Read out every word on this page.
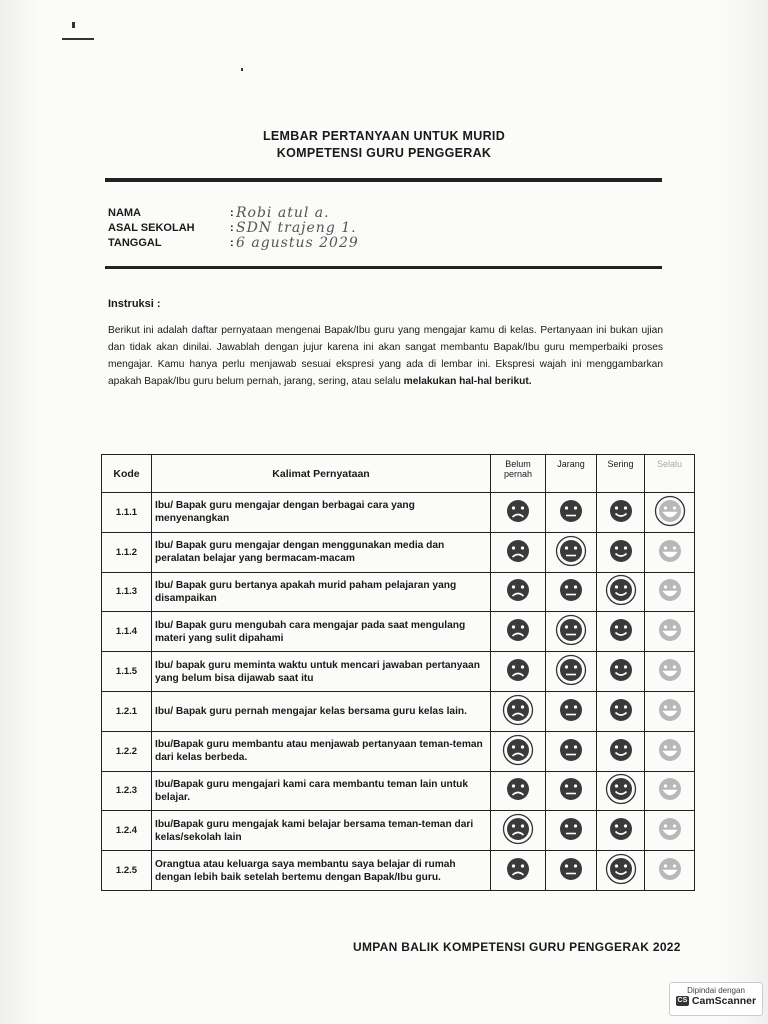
LEMBAR PERTANYAAN UNTUK MURID
KOMPETENSI GURU PENGGERAK
NAMA	: Robi atul a.
ASAL SEKOLAH	: SDN trajeng 1.
TANGGAL	: 6 agustus 2029
Instruksi :
Berikut ini adalah daftar pernyataan mengenai Bapak/Ibu guru yang mengajar kamu di kelas. Pertanyaan ini bukan ujian dan tidak akan dinilai. Jawablah dengan jujur karena ini akan sangat membantu Bapak/Ibu guru memperbaiki proses mengajar. Kamu hanya perlu menjawab sesuai ekspresi yang ada di lembar ini. Ekspresi wajah ini menggambarkan apakah Bapak/Ibu guru belum pernah, jarang, sering, atau selalu melakukan hal-hal berikut.
Kode	Kalimat Pernyataan	Belum pernah	Jarang	Sering	Selalu
1.1.1	Ibu/ Bapak guru mengajar dengan berbagai cara yang menyenangkan	

1.1.2	Ibu/ Bapak guru mengajar dengan menggunakan media dan peralatan belajar yang bermacam-macam	

1.1.3	Ibu/ Bapak guru bertanya apakah murid paham pelajaran yang disampaikan	

1.1.4	Ibu/ Bapak guru mengubah cara mengajar pada saat mengulang materi yang sulit dipahami	

1.1.5	Ibu/ bapak guru meminta waktu untuk mencari jawaban pertanyaan yang belum bisa dijawab saat itu	

1.2.1	Ibu/ Bapak guru pernah mengajar kelas bersama guru kelas lain.	

1.2.2	Ibu/Bapak guru membantu atau menjawab pertanyaan teman-teman dari kelas berbeda.	

1.2.3	Ibu/Bapak guru mengajari kami cara membantu teman lain untuk belajar.	

1.2.4	Ibu/Bapak guru mengajak kami belajar bersama teman-teman dari kelas/sekolah lain	

1.2.5	Orangtua atau keluarga saya membantu saya belajar di rumah dengan lebih baik setelah bertemu dengan Bapak/Ibu guru.	

UMPAN BALIK KOMPETENSI GURU PENGGERAK 2022
Dipindai dengan
CS CamScanner
